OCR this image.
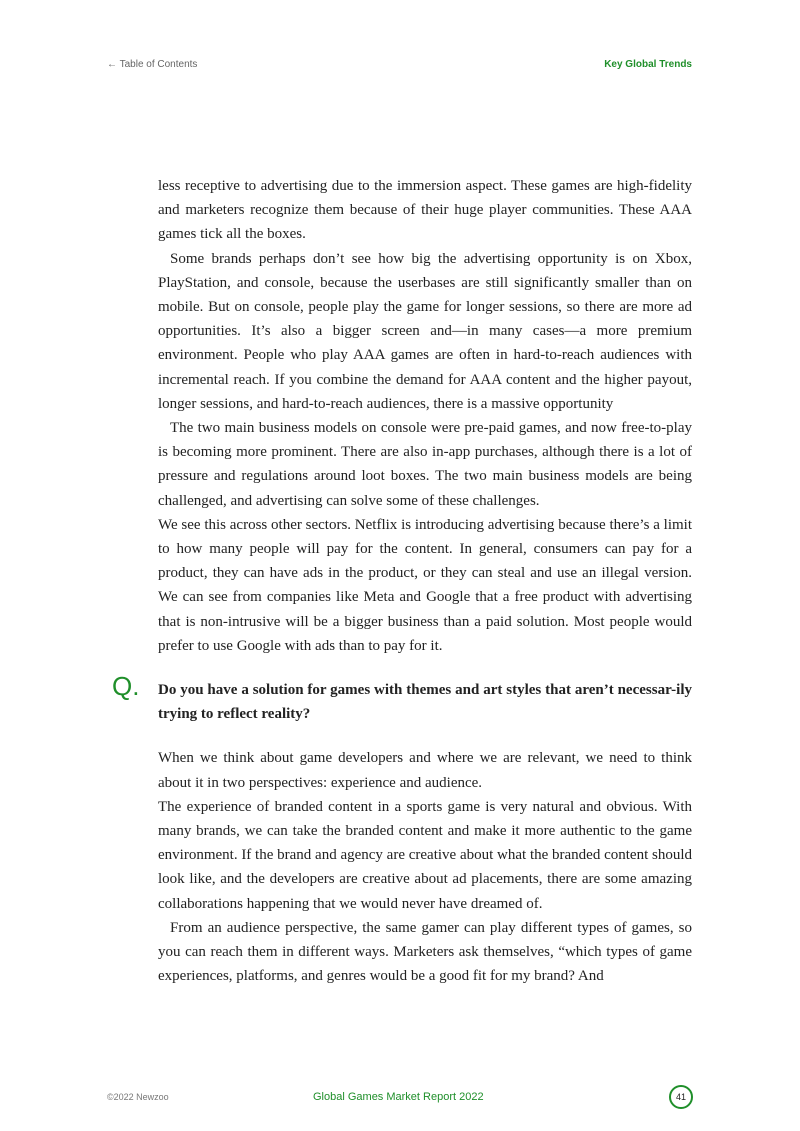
← Table of Contents	Key Global Trends

less receptive to advertising due to the immersion aspect. These games are high-fidelity and marketers recognize them because of their huge player communities. These AAA games tick all the boxes.

Some brands perhaps don’t see how big the advertising opportunity is on Xbox, PlayStation, and console, because the userbases are still significantly smaller than on mobile. But on console, people play the game for longer sessions, so there are more ad opportunities. It’s also a bigger screen and—in many cases—a more premium environment. People who play AAA games are often in hard-to-reach audiences with incremental reach. If you combine the demand for AAA content and the higher payout, longer sessions, and hard-to-reach audiences, there is a massive opportunity

The two main business models on console were pre-paid games, and now free-to-play is becoming more prominent. There are also in-app purchases, although there is a lot of pressure and regulations around loot boxes. The two main business models are being challenged, and advertising can solve some of these challenges.

We see this across other sectors. Netflix is introducing advertising because there’s a limit to how many people will pay for the content. In general, consumers can pay for a product, they can have ads in the product, or they can steal and use an illegal version. We can see from companies like Meta and Google that a free product with advertising that is non-intrusive will be a bigger business than a paid solution. Most people would prefer to use Google with ads than to pay for it.

Q. Do you have a solution for games with themes and art styles that aren’t necessar-ily trying to reflect reality?

When we think about game developers and where we are relevant, we need to think about it in two perspectives: experience and audience.

The experience of branded content in a sports game is very natural and obvious. With many brands, we can take the branded content and make it more authentic to the game environment. If the brand and agency are creative about what the branded content should look like, and the developers are creative about ad placements, there are some amazing collaborations happening that we would never have dreamed of.

From an audience perspective, the same gamer can play different types of games, so you can reach them in different ways. Marketers ask themselves, “which types of game experiences, platforms, and genres would be a good fit for my brand? And

©2022 Newzoo	Global Games Market Report 2022	41
